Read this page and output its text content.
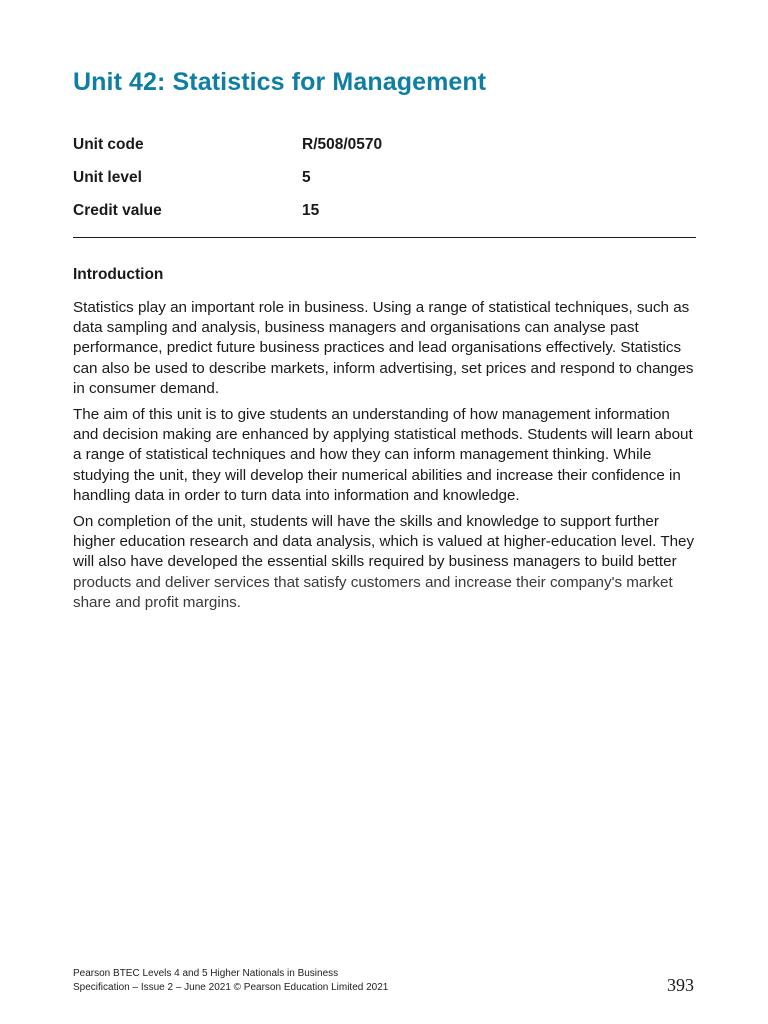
Unit 42: Statistics for Management
Unit code	R/508/0570
Unit level	5
Credit value	15
Introduction

Statistics play an important role in business. Using a range of statistical techniques, such as data sampling and analysis, business managers and organisations can analyse past performance, predict future business practices and lead organisations effectively. Statistics can also be used to describe markets, inform advertising, set prices and respond to changes in consumer demand.

The aim of this unit is to give students an understanding of how management information and decision making are enhanced by applying statistical methods. Students will learn about a range of statistical techniques and how they can inform management thinking. While studying the unit, they will develop their numerical abilities and increase their confidence in handling data in order to turn data into information and knowledge.

On completion of the unit, students will have the skills and knowledge to support further higher education research and data analysis, which is valued at higher-education level. They will also have developed the essential skills required by business managers to build better products and deliver services that satisfy customers and increase their company's market share and profit margins.

Pearson BTEC Levels 4 and 5 Higher Nationals in Business
Specification – Issue 2 – June 2021 © Pearson Education Limited 2021	393
